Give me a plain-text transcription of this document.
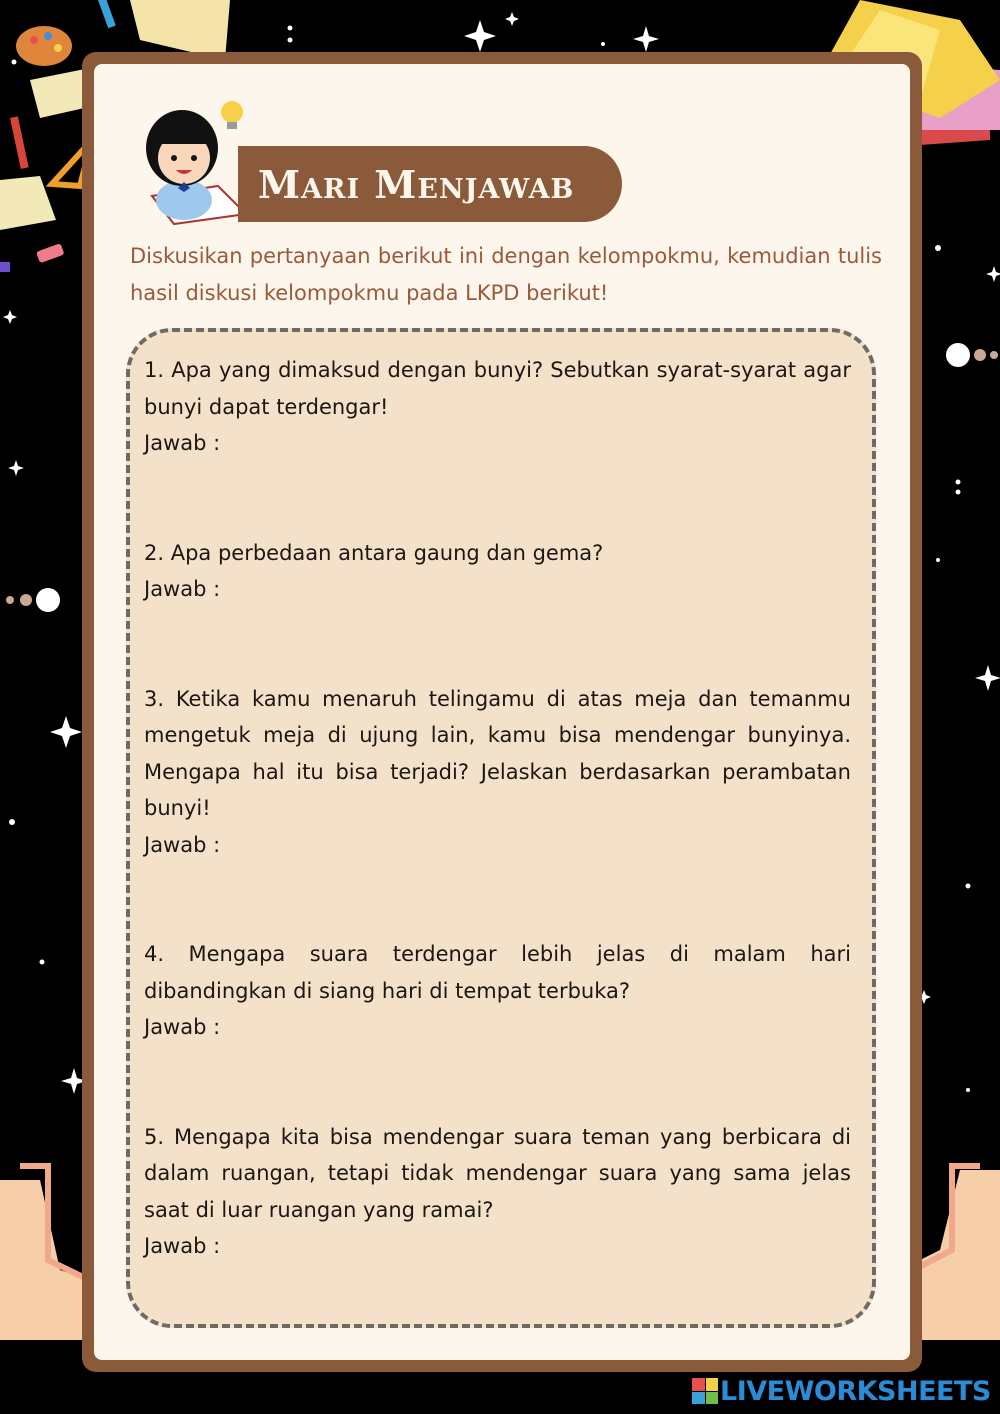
Mari Menjawab

Diskusikan pertanyaan berikut ini dengan kelompokmu, kemudian tulis hasil diskusi kelompokmu pada LKPD berikut!

1. Apa yang dimaksud dengan bunyi? Sebutkan syarat-syarat agar bunyi dapat terdengar!

Jawab :

2. Apa perbedaan antara gaung dan gema?

Jawab :

3. Ketika kamu menaruh telingamu di atas meja dan temanmu mengetuk meja di ujung lain, kamu bisa mendengar bunyinya. Mengapa hal itu bisa terjadi? Jelaskan berdasarkan perambatan bunyi!

Jawab :

4. Mengapa suara terdengar lebih jelas di malam hari dibandingkan di siang hari di tempat terbuka?

Jawab :

5. Mengapa kita bisa mendengar suara teman yang berbicara di dalam ruangan, tetapi tidak mendengar suara yang sama jelas saat di luar ruangan yang ramai?

Jawab :
LIVEWORKSHEETS
